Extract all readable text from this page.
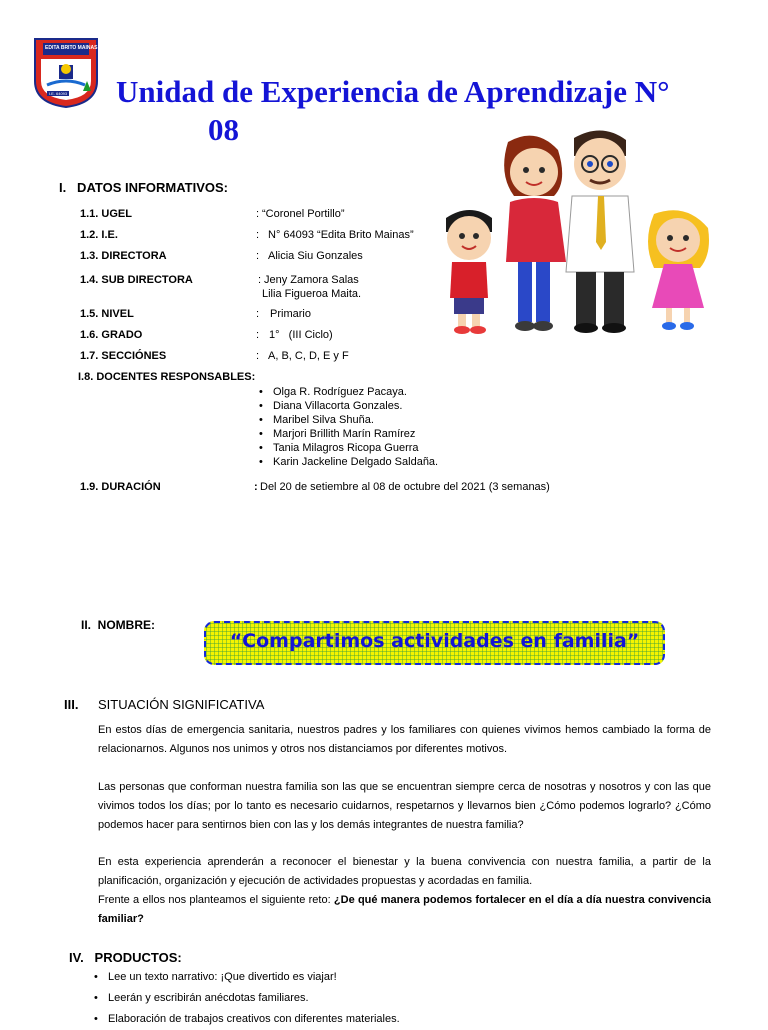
EDITA BRITO MAINAS
I.E. 64093 Unidad de Experiencia de Aprendizaje N°
08
I.   DATOS INFORMATIVOS:
1.1. UGEL	: “Coronel Portillo”
1.2. I.E.	: N° 64093 “Edita Brito Mainas”
1.3. DIRECTORA	: Alicia Siu Gonzales
1.4. SUB DIRECTORA	: Jeny Zamora Salas
Lilia Figueroa Maita.
1.5. NIVEL	: Primario
1.6. GRADO	: 1°   (III Ciclo)
1.7. SECCIÓNES	: A, B, C, D, E y F
I.8. DOCENTES RESPONSABLES:
• Olga R. Rodríguez Pacaya.
• Diana Villacorta Gonzales.
• Maribel Silva Shuña.
• Marjori Brillith Marín Ramírez
• Tania Milagros Ricopa Guerra
• Karin Jackeline Delgado Saldaña.
1.9. DURACIÓN	: Del 20 de setiembre al 08 de octubre del 2021 (3 semanas)
II.  NOMBRE:
“Compartimos actividades en familia”
III. SITUACIÓN SIGNIFICATIVA
En estos días de emergencia sanitaria, nuestros padres y los familiares con quienes vivimos hemos cambiado la forma de relacionarnos. Algunos nos unimos y otros nos distanciamos por diferentes motivos.
Las personas que conforman nuestra familia son las que se encuentran siempre cerca de nosotras y nosotros y con las que vivimos todos los días; por lo tanto es necesario cuidarnos, respetarnos y llevarnos bien ¿Cómo podemos lograrlo? ¿Cómo podemos hacer para sentirnos bien con las y los demás integrantes de nuestra familia?
En esta experiencia aprenderán a reconocer el bienestar y la buena convivencia con nuestra familia, a partir de la planificación, organización y ejecución de actividades propuestas y acordadas en familia.
Frente a ellos nos planteamos el siguiente reto: ¿De qué manera podemos fortalecer en el día a día nuestra convivencia familiar?
IV.   PRODUCTOS:
• Lee un texto narrativo: ¡Que divertido es viajar!
• Leerán y escribirán anécdotas familiares.
• Elaboración de trabajos creativos con diferentes materiales.
